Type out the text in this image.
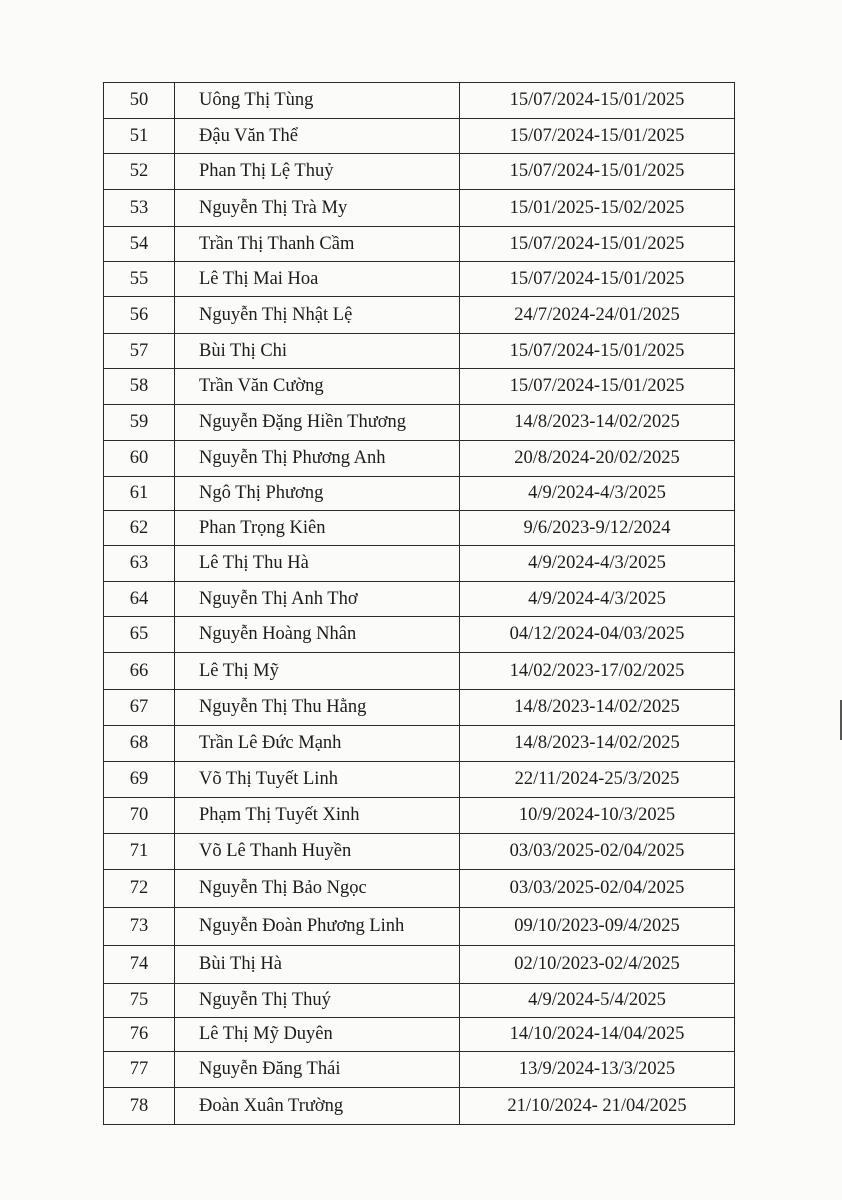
50	Uông Thị Tùng	15/07/2024-15/01/2025
51	Đậu Văn Thể	15/07/2024-15/01/2025
52	Phan Thị Lệ Thuỷ	15/07/2024-15/01/2025
53	Nguyễn Thị Trà My	15/01/2025-15/02/2025
54	Trần Thị Thanh Cầm	15/07/2024-15/01/2025
55	Lê Thị Mai Hoa	15/07/2024-15/01/2025
56	Nguyễn Thị Nhật Lệ	24/7/2024-24/01/2025
57	Bùi Thị Chi	15/07/2024-15/01/2025
58	Trần Văn Cường	15/07/2024-15/01/2025
59	Nguyễn Đặng Hiền Thương	14/8/2023-14/02/2025
60	Nguyễn Thị Phương Anh	20/8/2024-20/02/2025
61	Ngô Thị Phương	4/9/2024-4/3/2025
62	Phan Trọng Kiên	9/6/2023-9/12/2024
63	Lê Thị Thu Hà	4/9/2024-4/3/2025
64	Nguyễn Thị Anh Thơ	4/9/2024-4/3/2025
65	Nguyễn Hoàng Nhân	04/12/2024-04/03/2025
66	Lê Thị Mỹ	14/02/2023-17/02/2025
67	Nguyễn Thị Thu Hằng	14/8/2023-14/02/2025
68	Trần Lê Đức Mạnh	14/8/2023-14/02/2025
69	Võ Thị Tuyết Linh	22/11/2024-25/3/2025
70	Phạm Thị Tuyết Xinh	10/9/2024-10/3/2025
71	Võ Lê Thanh Huyền	03/03/2025-02/04/2025
72	Nguyễn Thị Bảo Ngọc	03/03/2025-02/04/2025
73	Nguyễn Đoàn Phương Linh	09/10/2023-09/4/2025
74	Bùi Thị Hà	02/10/2023-02/4/2025
75	Nguyễn Thị Thuý	4/9/2024-5/4/2025
76	Lê Thị Mỹ Duyên	14/10/2024-14/04/2025
77	Nguyễn Đăng Thái	13/9/2024-13/3/2025
78	Đoàn Xuân Trường	21/10/2024- 21/04/2025
